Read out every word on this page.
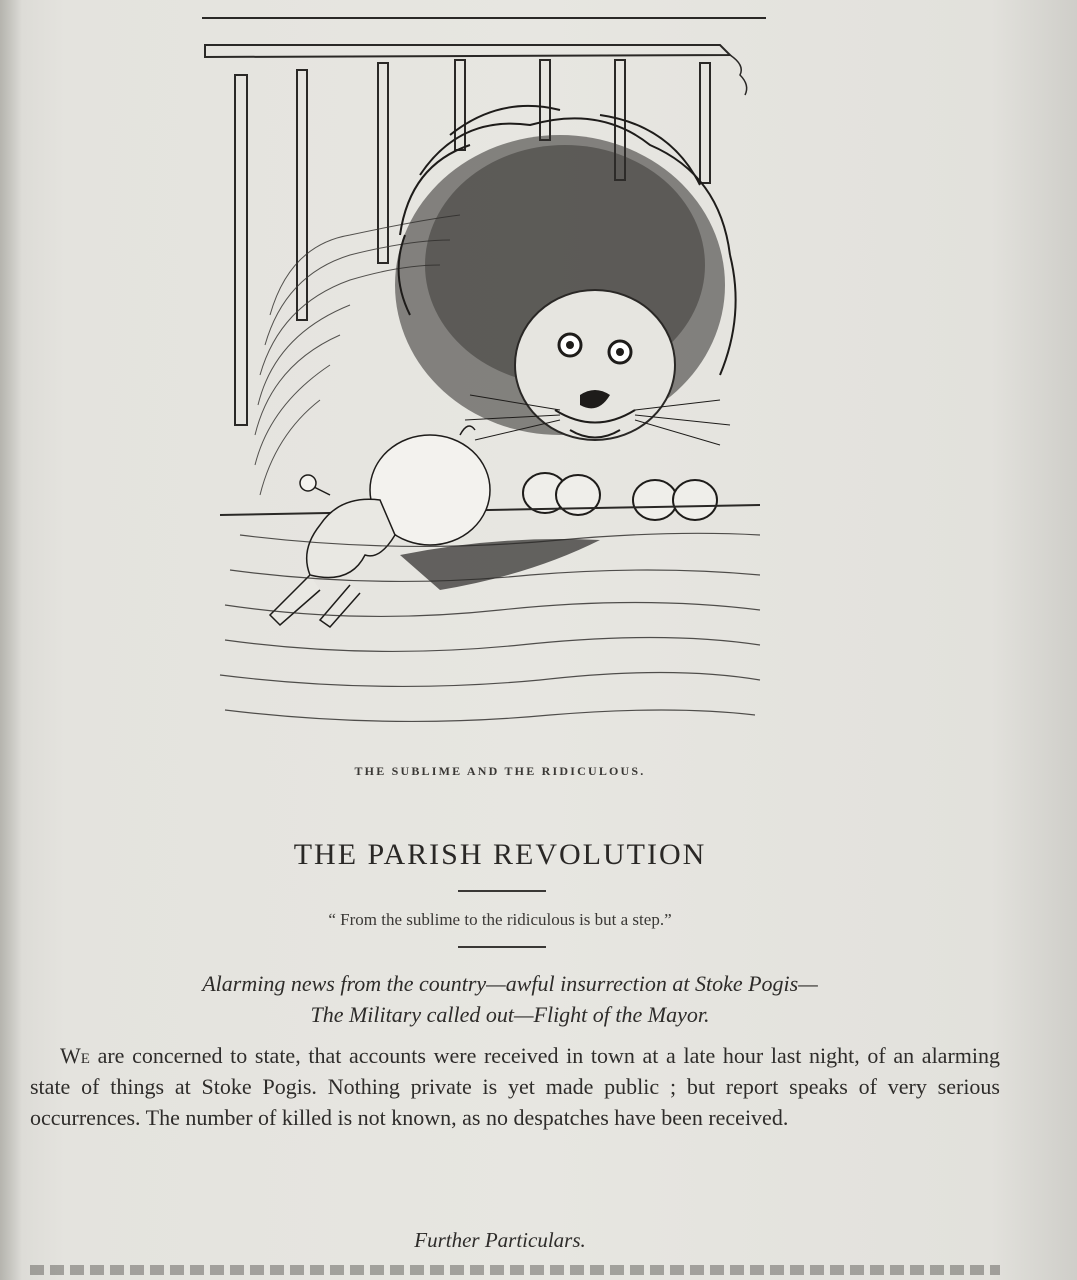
THE SUBLIME AND THE RIDICULOUS.
THE PARISH REVOLUTION
“ From the sublime to the ridiculous is but a step.”
Alarming news from the country—awful insurrection at Stoke Pogis—
The Military called out—Flight of the Mayor.
We are concerned to state, that accounts were received in town at a late hour last night, of an alarming state of things at Stoke Pogis. Nothing private is yet made public ; but report speaks of very serious occurrences. The number of killed is not known, as no despatches have been received.
Further Particulars.
